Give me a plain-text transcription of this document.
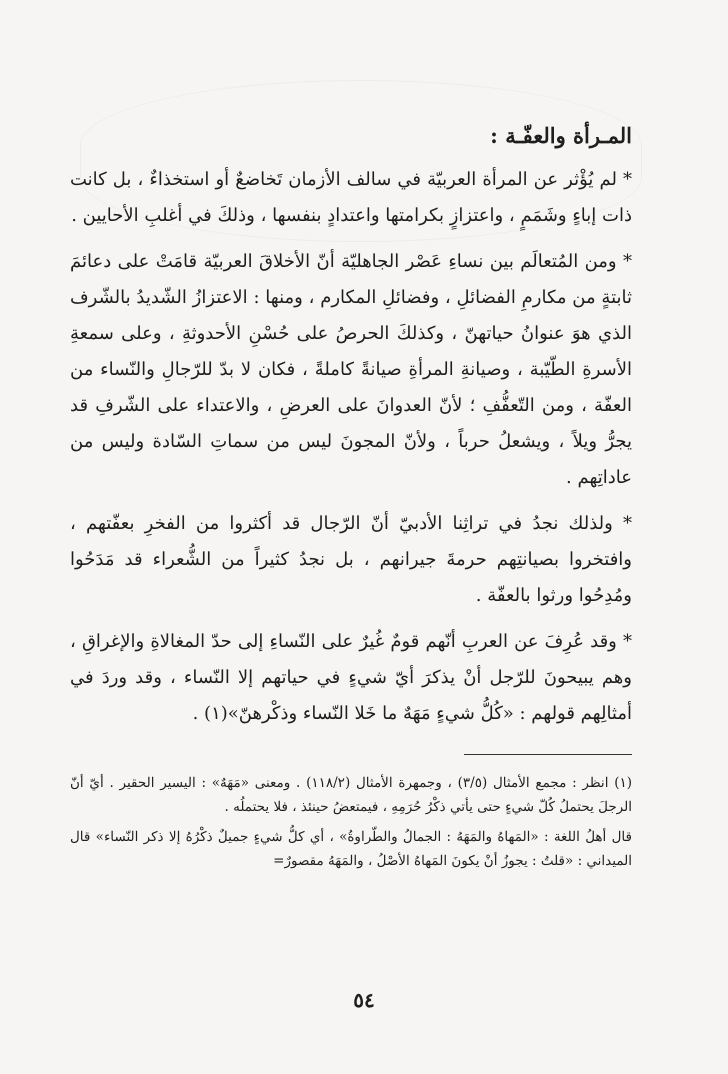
المـرأة والعفّـة :

* لم يُؤْثر عن المرأة العربيّة في سالف الأزمان تَخاضعٌ أو استخذاءٌ ، بل كانت ذات إباءٍ وشَمَمٍ ، واعتزازٍ بكرامتها واعتدادٍ بنفسها ، وذلكَ في أغلبِ الأحايين .

* ومن المُتعالَم بين نساءِ عَصْر الجاهليّة أنّ الأخلاقَ العربيّة قامَتْ على دعائمَ ثابتةٍ من مكارمِ الفضائلِ ، وفضائلِ المكارم ، ومنها : الاعتزازُ الشّديدُ بالشّرف الذي هوَ عنوانُ حياتهنّ ، وكذلكَ الحرصُ على حُسْنِ الأحدوثةِ ، وعلى سمعةِ الأسرةِ الطّيّبة ، وصيانةِ المرأةِ صيانةً كاملةً ، فكان لا بدّ للرّجالِ والنّساء من العفّة ، ومن التّعفُّفِ ؛ لأنّ العدوانَ على العرضِ ، والاعتداء على الشّرفِ قد يجرُّ ويلاً ، ويشعلُ حرباً ، ولأنّ المجونَ ليس من سماتِ السّادة وليس من عاداتِهم .

* ولذلك نجدُ في تراثِنا الأدبيّ أنّ الرّجال قد أكثروا من الفخرِ بعفّتهم ، وافتخروا بصيانتِهم حرمةَ جيرانهم ، بل نجدُ كثيراً من الشُّعراء قد مَدَحُوا ومُدِحُوا ورثوا بالعفّة .

* وقد عُرِفَ عن العربِ أنّهم قومٌ غُيرٌ على النّساءِ إلى حدّ المغالاةِ والإغراقِ ، وهم يبيحونَ للرّجل أنْ يذكرَ أيّ شيءٍ في حياتهم إلا النّساء ، وقد وردَ في أمثالِهم قولهم : «كُلُّ شيءٍ مَهَهٌ ما خَلا النّساء وذكْرهنّ»(١) .

(١) انظر : مجمع الأمثال (٣/٥) ، وجمهرة الأمثال (١١٨/٢) . ومعنى «مَهَهٌ» : اليسير الحقير . أيّ أنّ الرجلَ يحتملُ كُلّ شيءٍ حتى يأتي ذكْرُ حُرَمِهِ ، فيمتعضُ حينئذ ، فلا يحتملُه .

قال أهلُ اللغة : «المَهاهُ والمَهَهُ : الجمالُ والطّراوةُ» ، أي كلُّ شيءٍ جميلٌ ذكْرُهُ إلا ذكر النّساء» قال الميداني : «قلتُ : يجوزُ أنْ يكونَ المَهاهُ الأصْلُ ، والمَهَهُ مقصورٌ=

٥٤
